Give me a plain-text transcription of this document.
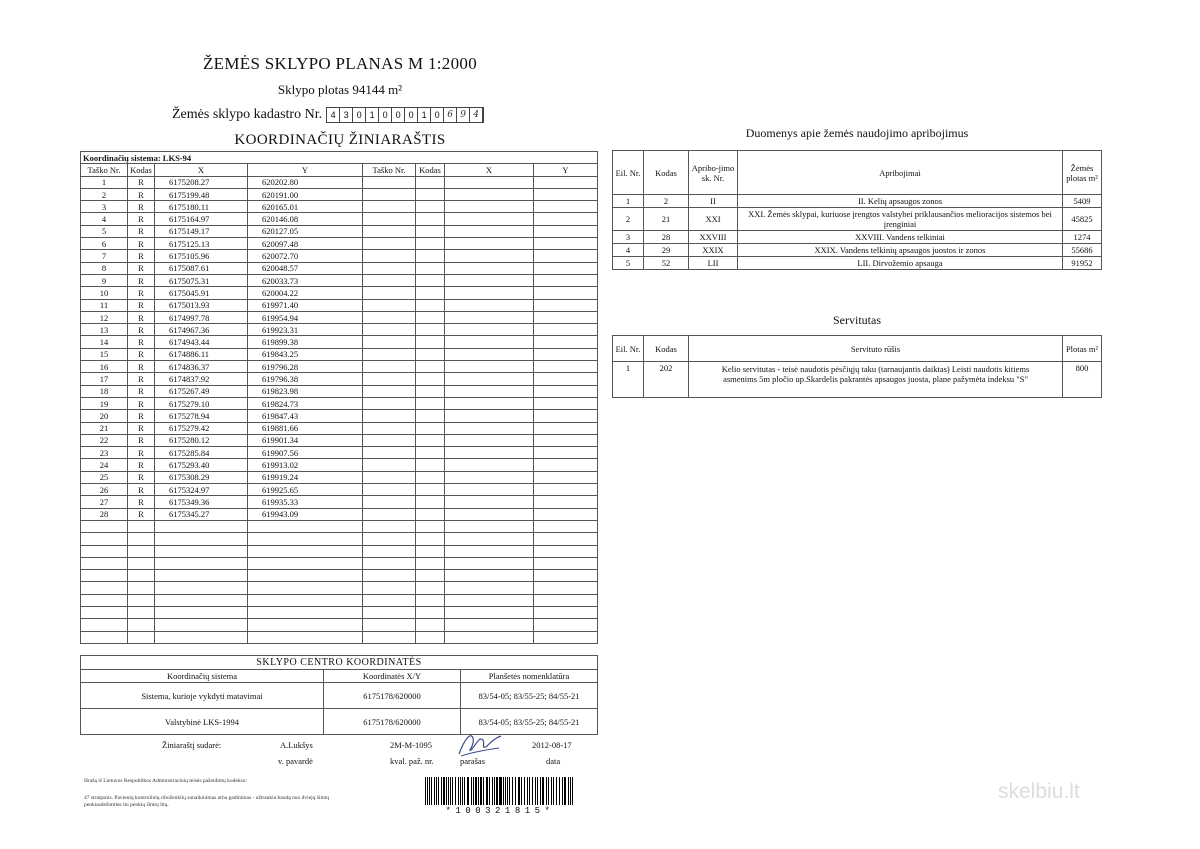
ŽEMĖS SKLYPO PLANAS M 1:2000
Sklypo plotas 94144 m²
Žemės sklypo kadastro Nr. 4 3 0 1 0 0 0 1 0 6 9 4
KOORDINAČIŲ ŽINIARAŠTIS
Koordinačių sistema: LKS-94							
Taško Nr.	Kodas	X	Y	Taško Nr.	Kodas	X	Y
1	R	6175208.27	620202.80				
2	R	6175199.48	620191.00				
3	R	6175180.11	620165.01				
4	R	6175164.97	620146.08				
5	R	6175149.17	620127.05				
6	R	6175125.13	620097.48				
7	R	6175105.96	620072.70				
8	R	6175087.61	620048.57				
9	R	6175075.31	620033.73				
10	R	6175045.91	620004.22				
11	R	6175013.93	619971.40				
12	R	6174997.78	619954.94				
13	R	6174967.36	619923.31				
14	R	6174943.44	619899.38				
15	R	6174886.11	619843.25				
16	R	6174836.37	619796.28				
17	R	6174837.92	619796.38				
18	R	6175267.49	619823.98				
19	R	6175279.10	619824.73				
20	R	6175278.94	619847.43				
21	R	6175279.42	619881.66				
22	R	6175280.12	619901.34				
23	R	6175285.84	619907.56				
24	R	6175293.40	619913.02				
25	R	6175308.29	619919.24				
26	R	6175324.97	619925.65				
27	R	6175349.36	619935.33				
28	R	6175345.27	619943.09				

SKLYPO CENTRO KOORDINATĖS		
Koordinačių sistema	Koordinatės X/Y	Planšetės nomenklatūra
Sistema, kurioje vykdyti matavimai	6175178/620000	83/54-05; 83/55-25; 84/55-21
Valstybinė LKS-1994	6175178/620000	83/54-05; 83/55-25; 84/55-21
Žiniaraštį sudarė:	A.Lukšys
v. pavardė
2M-M-1095
kval. paž. nr.	parašas
2012-08-17
data
Išrašą iš Lietuvos Respublikos Administracinių teisės pažeidimų kodekso:
47 straipsnis. Pavienių kontrolinių riboženklių sunaikinimas arba gadinimas - užtraukia baudą nuo dviejų šimtų penkiasdešimties iki penkių šimtų litų.
*100321815*
Duomenys apie žemės naudojimo apribojimus
Eil. Nr.	Kodas	Apribo-jimo sk. Nr.	Apribojimai	Žemės plotas m²
1	2	II	II. Kelių apsaugos zonos	5409
2	21	XXI	XXI. Žemės sklypai, kuriuose įrengtos valstybei priklausančios melioracijos sistemos bei įrenginiai	45825
3	28	XXVIII	XXVIII. Vandens telkiniai	1274
4	29	XXIX	XXIX. Vandens telkinių apsaugos juostos ir zonos	55686
5	52	LII	LII. Dirvožemio apsauga	91952
Servitutas
Eil. Nr.	Kodas	Servituto rūšis	Plotas m²
1	202	Kelio servitutas - teisė naudotis pėsčiųjų taku (tarnaujantis daiktas) Leisti naudotis kitiems asmenims 5m pločio up.Skardelis pakrantės apsaugos juosta, plane pažymėta indeksu "S"	800
skelbiu.lt
